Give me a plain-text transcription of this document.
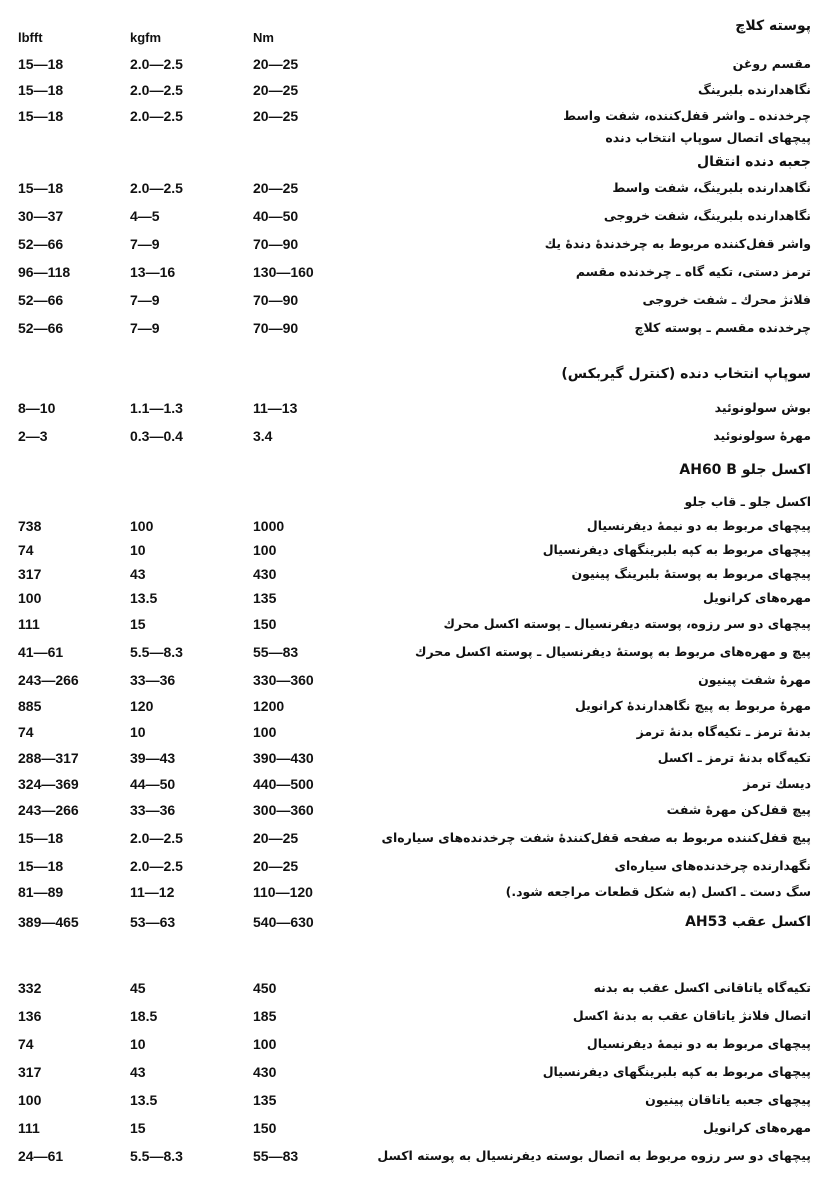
lbfft	kgfm	Nm
پوسته کلاچ
15—18	2.0—2.5	20—25	مقسم روغن
15—18	2.0—2.5	20—25	نگاهدارنده بلبرینگ
15—18	2.0—2.5	20—25	چرخدنده ـ واشر قفل‌کننده، شفت واسط
پیچهای اتصال سوپاپ انتخاب دنده
جعبه دنده انتقال
15—18	2.0—2.5	20—25	نگاهدارنده بلبرینگ، شفت واسط
30—37	4—5	40—50	نگاهدارنده بلبرینگ، شفت خروجی
52—66	7—9	70—90	واشر قفل‌کننده مربوط به چرخدندهٔ دندهٔ یك
96—118	13—16	130—160	ترمز دستی، تکیه گاه ـ چرخدنده مقسم
52—66	7—9	70—90	فلانژ محرك ـ شفت خروجی
52—66	7—9	70—90	چرخدنده مقسم ـ پوسته کلاچ
سوپاپ انتخاب دنده (کنترل گیربکس)
8—10	1.1—1.3	11—13	بوش سولونوئید
2—3	0.3—0.4	3.4	مهرهٔ سولونوئید
اکسل جلو AH60 B
اکسل جلو ـ قاب جلو
738	100	1000	پیچهای مربوط به دو نیمهٔ دیفرنسیال
74	10	100	پیچهای مربوط به کپه بلبرینگهای دیفرنسیال
317	43	430	پیچهای مربوط به پوستهٔ بلبرینگ پینیون
100	13.5	135	مهره‌های کرانویل
111	15	150	پیچهای دو سر رزوه، پوسته دیفرنسیال ـ پوسته اکسل محرك
41—61	5.5—8.3	55—83	پیچ و مهره‌های مربوط به پوستهٔ دیفرنسیال ـ پوسته اکسل محرك
243—266	33—36	330—360	مهرهٔ شفت پینیون
885	120	1200	مهرهٔ مربوط به پیچ نگاهدارندهٔ کرانویل
74	10	100	بدنهٔ ترمز ـ تکیه‌گاه بدنهٔ ترمز
288—317	39—43	390—430	تکیه‌گاه بدنهٔ ترمز ـ اکسل
324—369	44—50	440—500	دیسك ترمز
243—266	33—36	300—360	پیچ قفل‌کن مهرهٔ شفت
15—18	2.0—2.5	20—25	پیچ قفل‌کننده مربوط به صفحه قفل‌کنندهٔ شفت چرخدنده‌های سیاره‌ای
15—18	2.0—2.5	20—25	نگهدارنده چرخدنده‌های سیاره‌ای
81—89	11—12	110—120	سگ دست ـ اکسل (به شکل قطعات مراجعه شود.)
389—465	53—63	540—630	اکسل عقب AH53
332	45	450	تکیه‌گاه یاتاقانی اکسل عقب به بدنه
136	18.5	185	اتصال فلانژ یاتاقان عقب به بدنهٔ اکسل
74	10	100	پیچهای مربوط به دو نیمهٔ دیفرنسیال
317	43	430	پیچهای مربوط به کپه بلبرینگهای دیفرنسیال
100	13.5	135	پیچهای جعبه یاتاقان پینیون
111	15	150	مهره‌های کرانویل
24—61	5.5—8.3	55—83	پیچهای دو سر رزوه مربوط به اتصال بوسته دیفرنسیال به پوسته اکسل
